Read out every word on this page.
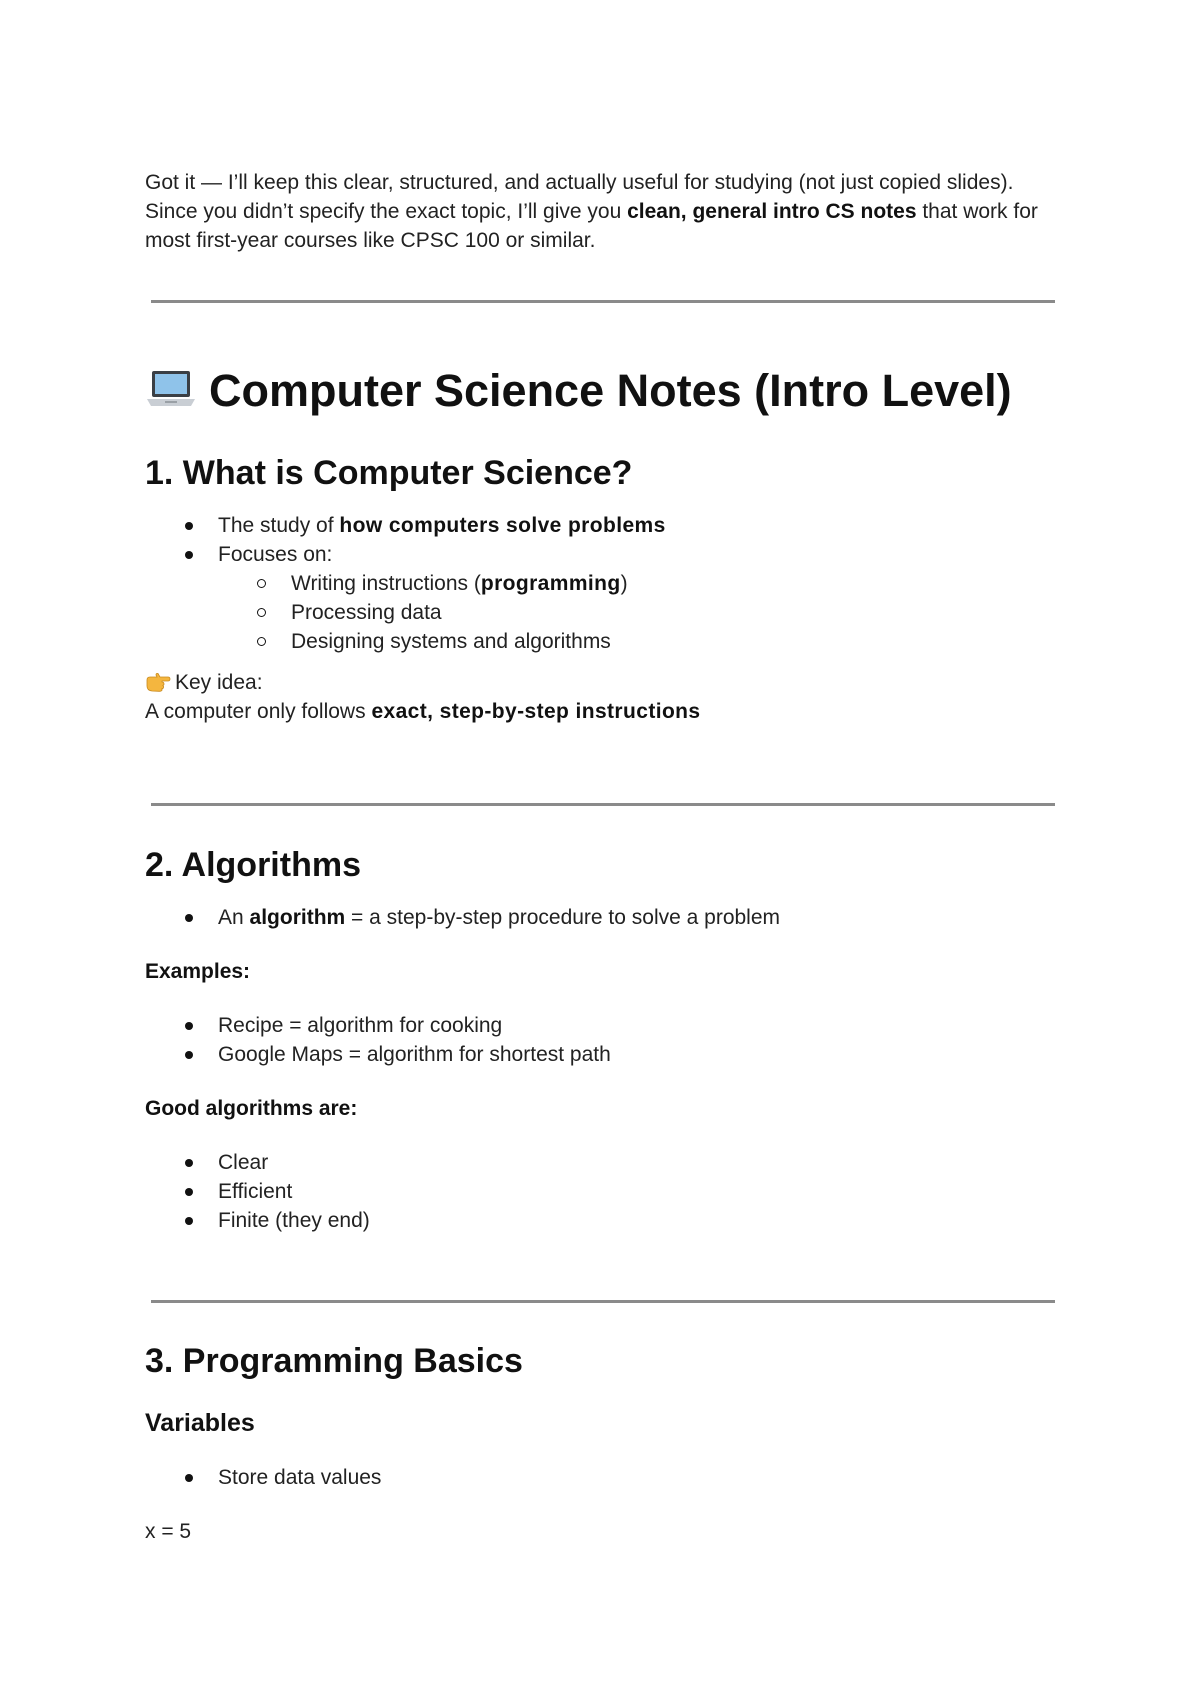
Got it — I’ll keep this clear, structured, and actually useful for studying (not just copied slides). Since you didn’t specify the exact topic, I’ll give you clean, general intro CS notes that work for most first-year courses like CPSC 100 or similar.

Computer Science Notes (Intro Level)
1. What is Computer Science?
The study of how computers solve problems
Focuses on:
Writing instructions (programming)
Processing data
Designing systems and algorithms

Key idea:

A computer only follows exact, step-by-step instructions

2. Algorithms
An algorithm = a step-by-step procedure to solve a problem

Examples:

Recipe = algorithm for cooking
Google Maps = algorithm for shortest path

Good algorithms are:

Clear
Efficient
Finite (they end)
3. Programming Basics
Variables
Store data values

x = 5
